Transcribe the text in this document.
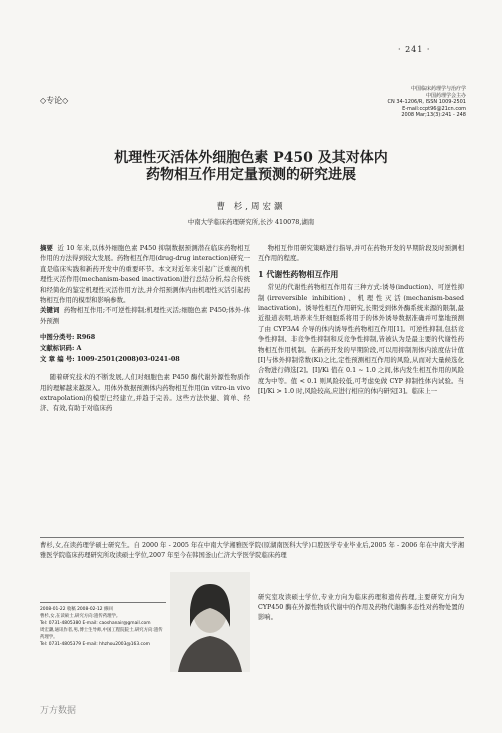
· 241 ·
◇专论◇
中国临床药理学与治疗学
中国药理学会主办
CN 34-1206/R, ISSN 1009-2501
E-mail:ccpt96@21cn.com
2008 Mar;13(3):241 - 248
机理性灭活体外细胞色素 P450 及其对体内
药物相互作用定量预测的研究进展
曹 杉,周宏灏
中南大学临床药理研究所,长沙 410078,湖南

摘要 近 10 年来,以体外细胞色素 P450 抑制数据预测潜在临床药物相互作用的方法得到较大发展。药物相互作用(drug-drug interaction)研究一直是临床实践和新药开发中的重要环节。本文对近年来引起广泛重视的机理性灭活作用(mechanism-based inactivation)进行总结分析,综合传统和经简化的鉴定机理性灭活作用方法,并介绍预测体内由机理性灭活引起药物相互作用的模型和影响参数。

关键词 药物相互作用;不可逆性抑制;机理性灭活;细胞色素 P450;体外-体外预测

中图分类号: R968
文献标识码: A
文 章 编 号: 1009-2501(2008)03-0241-08
随着研究技术的不断发展,人们对细胞色素 P450 酶代谢外源性物质作用的理解越来越深入。用体外数据预测体内药物相互作用(in vitro-in vivo extrapolation)的模型已经建立,并趋于完善。这些方法快捷、简单、经济、有效,有助于对临床药

物相互作用研究策略进行指导,并可在药物开发的早期阶段及时预测相互作用的程度。

1 代谢性药物相互作用

常见的代谢性药物相互作用有三种方式:诱导(induction)、可逆性抑制(irreversible inhibition)、机理性灭活(mechanism-based inactivation)。诱导性相互作用研究,长期受到体外酶系统来源的限制,最近报道表明,培养来生肝细胞系将用于的体外诱导数据准确并可靠地预测了由 CYP3A4 介导的体内诱导性药物相互作用[1]。可逆性抑制,包括竞争性抑制、非竞争性抑制和反竞争性抑制,皆被认为是最主要的代谢性药物相互作用机制。在新药开发的早期阶段,可以用抑制剂体内浓度估计值[I]与体外抑制常数(Ki)之比,定性预测相互作用的风险,从而对大量候选化合物进行筛选[2]。[I]/Ki 值在 0.1 ~ 1.0 之间,体内发生相互作用的风险度为中等。值 < 0.1 则风险较低,可考虑免做 CYP 抑制性体内试验。当[I]/Ki > 1.0 时,风险较高,应进行相应的体内研究[3]。临床上一

曹杉,女,在读药理学硕士研究生。自 2000 年 - 2005 年在中南大学湘雅医学院(原湖南医科大学)口腔医学专业毕业后,2005 年 - 2006 年在中南大学湘雅医学院临床药理研究所攻读硕士学位,2007 年至今在韩国釜山仁济大学医学院临床药理
研究室攻读硕士学位,专业方向为临床药理和遗传药理,主要研究方向为 CYP450 酶在外源性物质代谢中的作用及药物代谢酶多态性对药物处置的影响。
2008-01-22 收稿 2008-02-12 修回
曹杉,女,在读硕士,研究方向:遗传药理学。
Tel: 0731-4805380 E-mail: caoshanair@gmail.com
周宏灏,通讯作者,男,博士生导师,中国工程院院士,研究方向:遗传药理学。
Tel: 0731-4805379 E-mail: hhzhou2003@163.com
万方数据
